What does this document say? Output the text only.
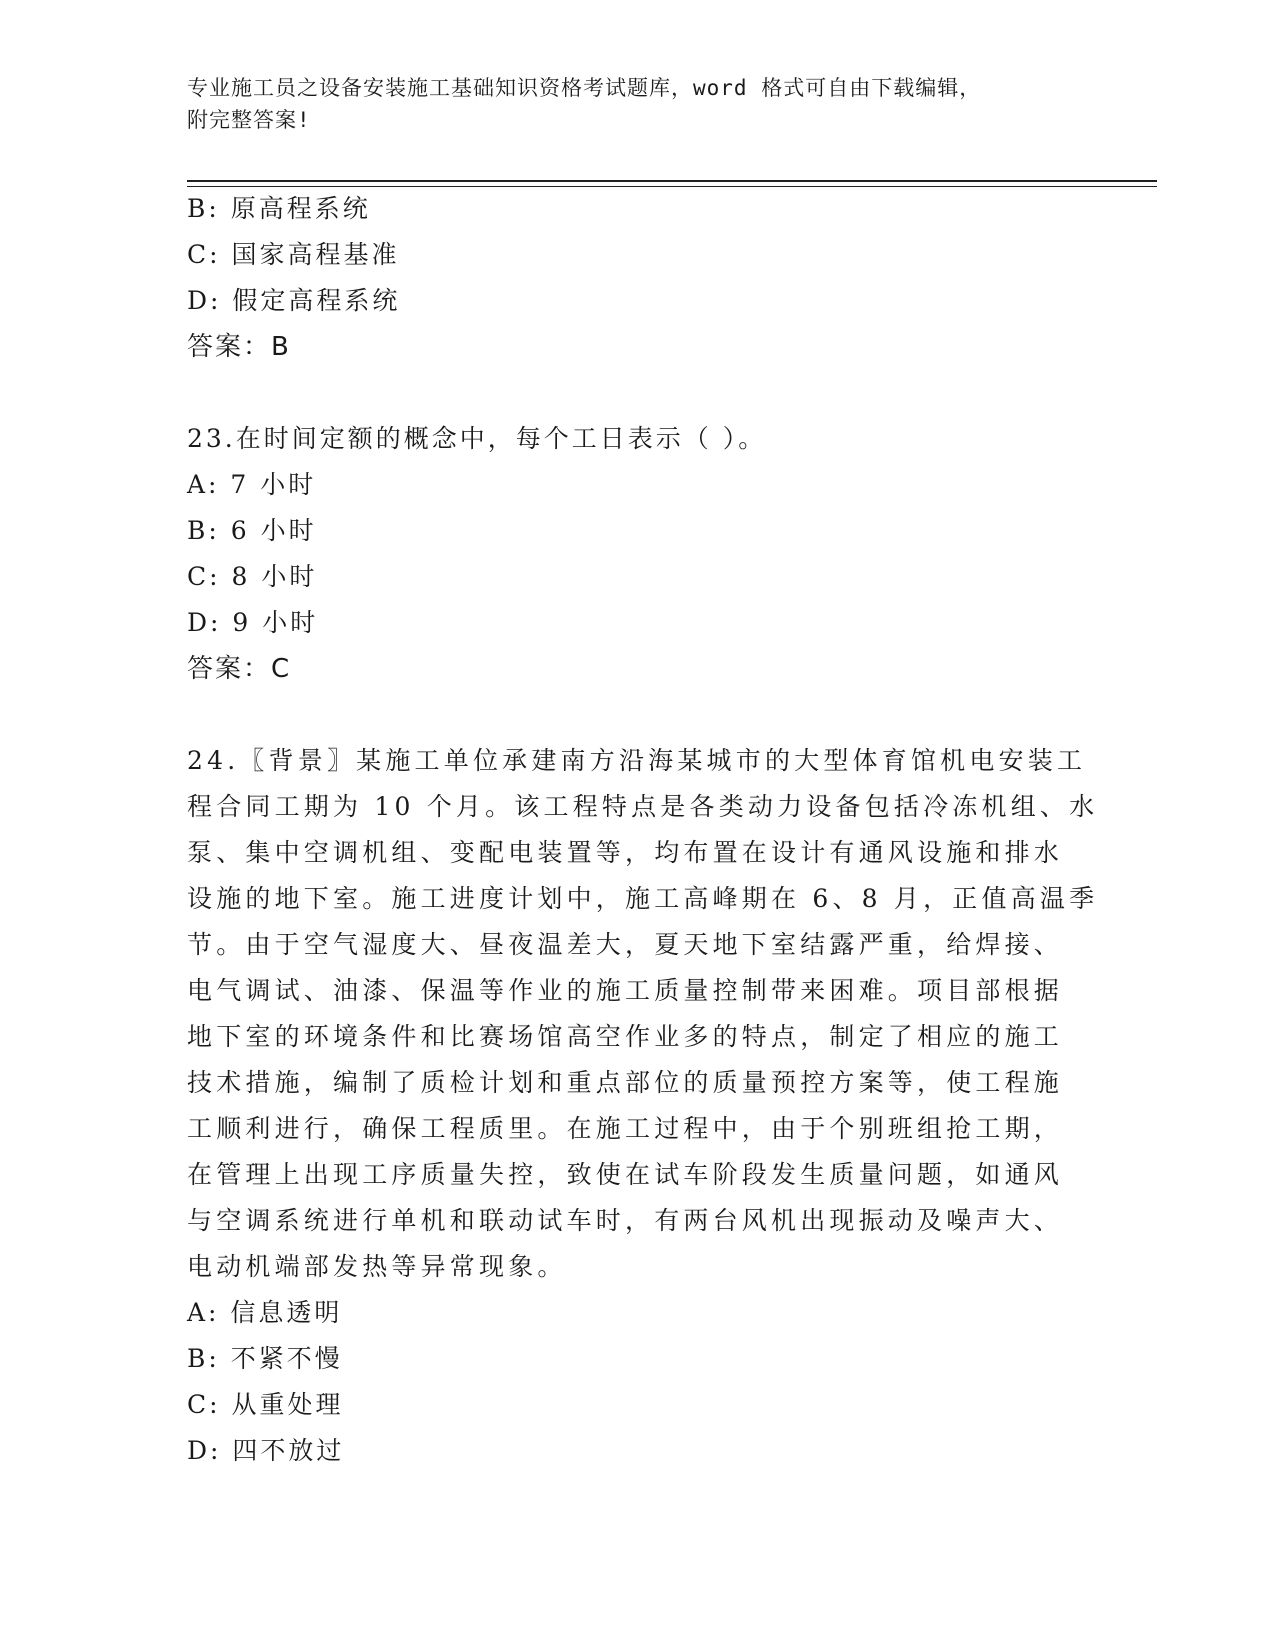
专业施工员之设备安装施工基础知识资格考试题库，word 格式可自由下载编辑，
附完整答案!
B: 原高程系统
C: 国家高程基准
D: 假定高程系统
答案：B
23.在时间定额的概念中，每个工日表示（ ）。
A: 7 小时
B: 6 小时
C: 8 小时
D: 9 小时
答案：C
24.〖背景〗某施工单位承建南方沿海某城市的大型体育馆机电安装工
程合同工期为 10 个月。该工程特点是各类动力设备包括冷冻机组、水
泵、集中空调机组、变配电装置等，均布置在设计有通风设施和排水
设施的地下室。施工进度计划中，施工高峰期在 6、8 月，正值高温季
节。由于空气湿度大、昼夜温差大，夏天地下室结露严重，给焊接、
电气调试、油漆、保温等作业的施工质量控制带来困难。项目部根据
地下室的环境条件和比赛场馆高空作业多的特点，制定了相应的施工
技术措施，编制了质检计划和重点部位的质量预控方案等，使工程施
工顺利进行，确保工程质里。在施工过程中，由于个别班组抢工期，
在管理上出现工序质量失控，致使在试车阶段发生质量问题，如通风
与空调系统进行单机和联动试车时，有两台风机出现振动及噪声大、
电动机端部发热等异常现象。
A: 信息透明
B: 不紧不慢
C: 从重处理
D: 四不放过
